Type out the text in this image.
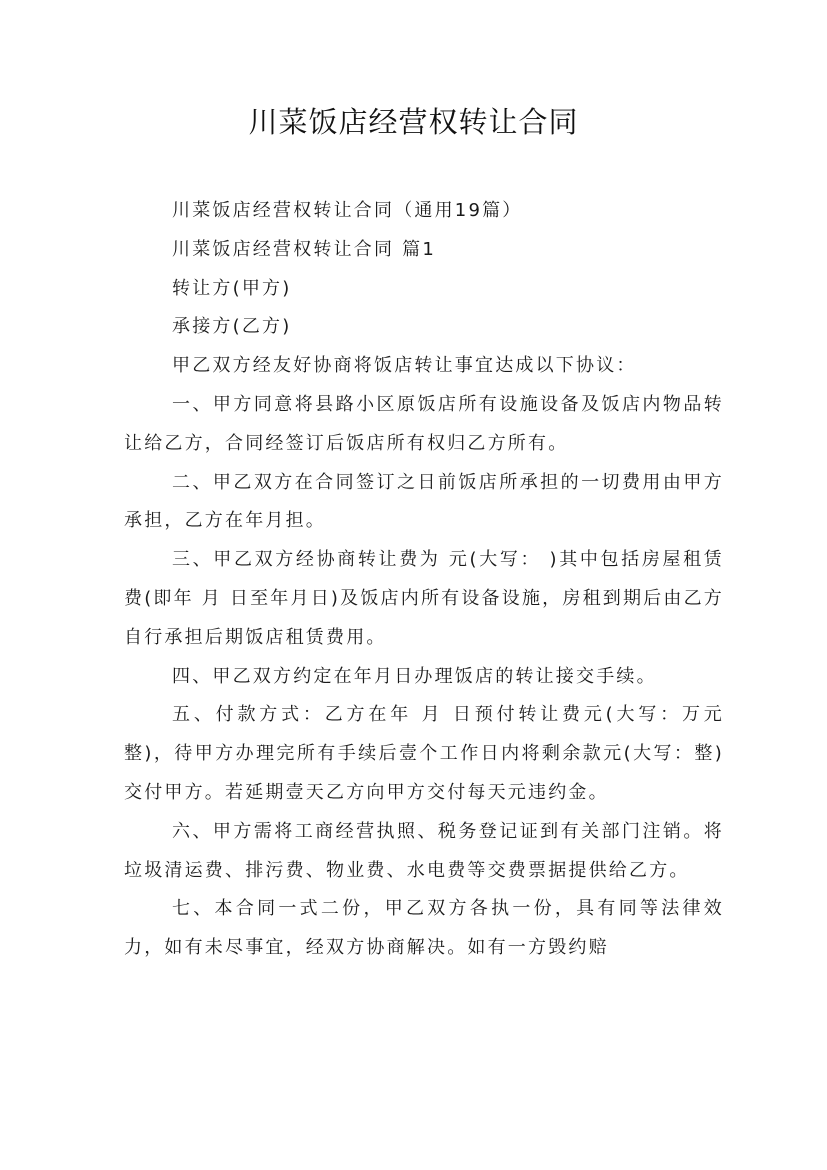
川菜饭店经营权转让合同

川菜饭店经营权转让合同（通用19篇）

川菜饭店经营权转让合同 篇1

转让方(甲方)

承接方(乙方)

甲乙双方经友好协商将饭店转让事宜达成以下协议：

一、甲方同意将县路小区原饭店所有设施设备及饭店内物品转让给乙方，合同经签订后饭店所有权归乙方所有。

二、甲乙双方在合同签订之日前饭店所承担的一切费用由甲方承担，乙方在年月担。

三、甲乙双方经协商转让费为 元(大写： )其中包括房屋租赁费(即年 月 日至年月日)及饭店内所有设备设施，房租到期后由乙方自行承担后期饭店租赁费用。

四、甲乙双方约定在年月日办理饭店的转让接交手续。

五、付款方式：乙方在年 月 日预付转让费元(大写：万元整)，待甲方办理完所有手续后壹个工作日内将剩余款元(大写：整)交付甲方。若延期壹天乙方向甲方交付每天元违约金。

六、甲方需将工商经营执照、税务登记证到有关部门注销。将垃圾清运费、排污费、物业费、水电费等交费票据提供给乙方。

七、本合同一式二份，甲乙双方各执一份，具有同等法律效力，如有未尽事宜，经双方协商解决。如有一方毁约赔
